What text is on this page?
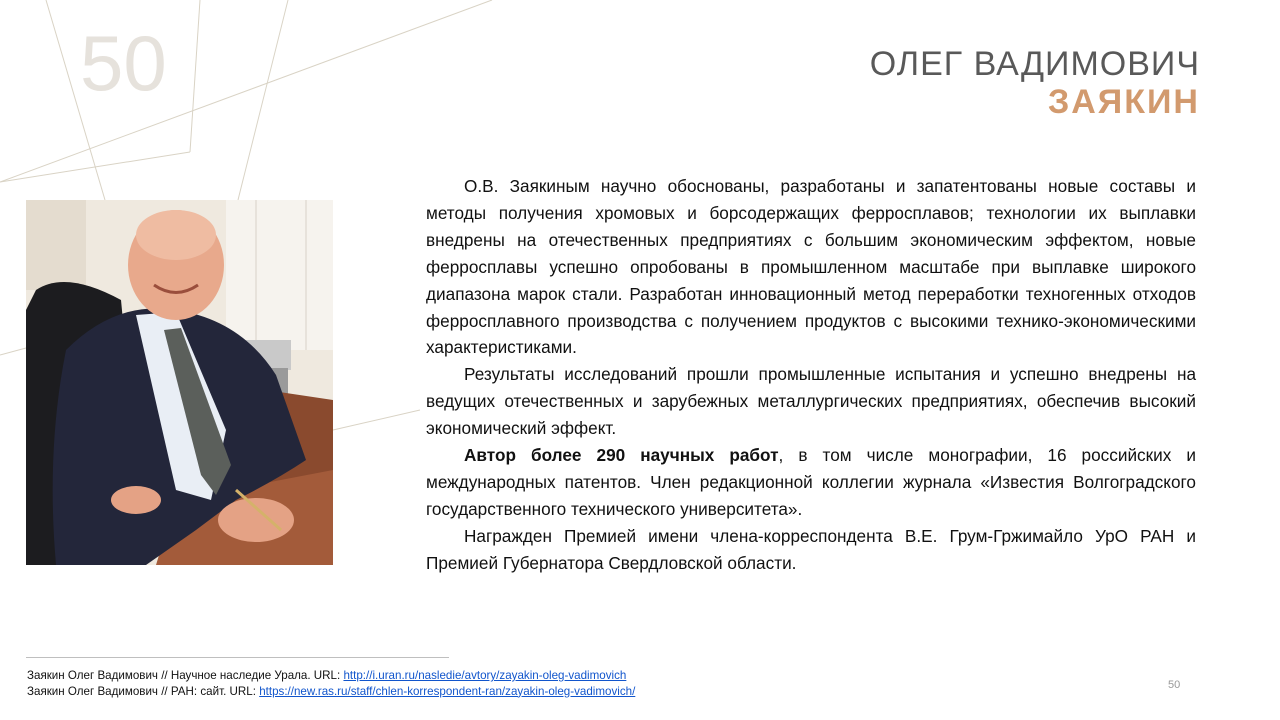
50	ОЛЕГ ВАДИМОВИЧ
ЗАЯКИН

О.В. Заякиным научно обоснованы, разработаны и запатентованы новые составы и методы получения хромовых и борсодержащих ферросплавов; технологии их выплавки внедрены на отечественных предприятиях с большим экономическим эффектом, новые ферросплавы успешно опробованы в промышленном масштабе при выплавке широкого диапазона марок стали. Разработан инновационный метод переработки техногенных отходов ферросплавного производства с получением продуктов с высокими технико-экономическими характеристиками.

Результаты исследований прошли промышленные испытания и успешно внедрены на ведущих отечественных и зарубежных металлургических предприятиях, обеспечив высокий экономический эффект.

Автор более 290 научных работ, в том числе монографии, 16 российских и международных патентов. Член редакционной коллегии журнала «Известия Волгоградского государственного технического университета».

Награжден Премией имени члена-корреспондента В.Е. Грум-Гржимайло УрО РАН и Премией Губернатора Свердловской области.

Заякин Олег Вадимович // Научное наследие Урала. URL: http://i.uran.ru/nasledie/avtory/zayakin-oleg-vadimovich
Заякин Олег Вадимович // РАН: сайт. URL: https://new.ras.ru/staff/chlen-korrespondent-ran/zayakin-oleg-vadimovich/	50
